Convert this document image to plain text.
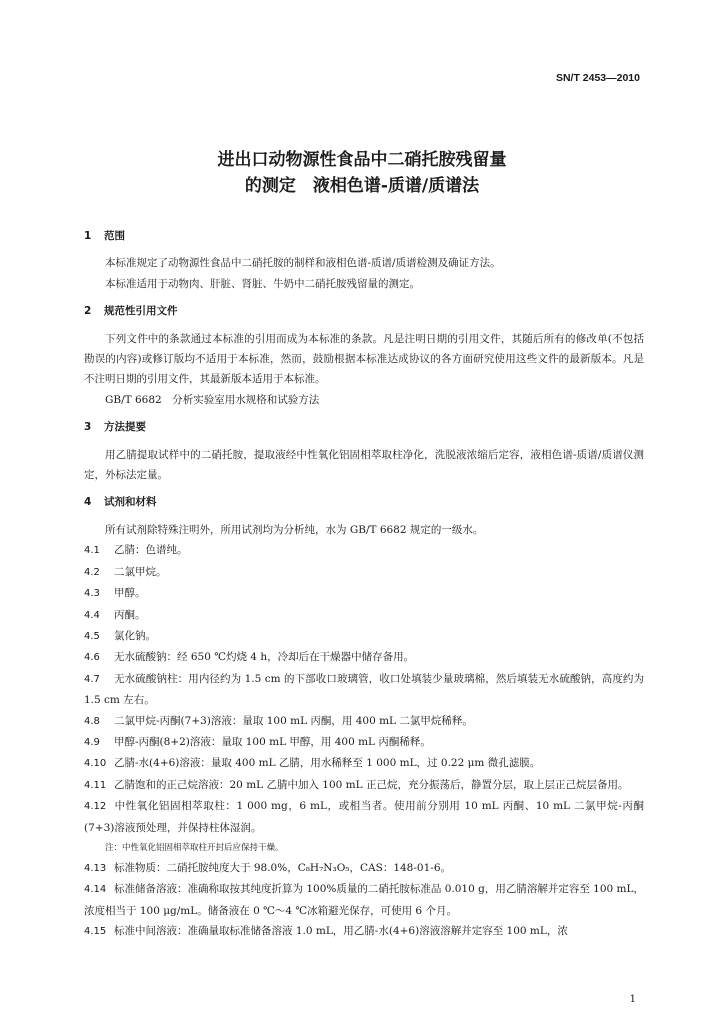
SN/T 2453—2010
进出口动物源性食品中二硝托胺残留量
的测定　液相色谱-质谱/质谱法

1 范围

本标准规定了动物源性食品中二硝托胺的制样和液相色谱-质谱/质谱检测及确证方法。

本标准适用于动物肉、肝脏、肾脏、牛奶中二硝托胺残留量的测定。

2 规范性引用文件

下列文件中的条款通过本标准的引用而成为本标准的条款。凡是注明日期的引用文件，其随后所有的修改单(不包括勘误的内容)或修订版均不适用于本标准，然而，鼓励根据本标准达成协议的各方面研究使用这些文件的最新版本。凡是不注明日期的引用文件，其最新版本适用于本标准。

GB/T 6682　分析实验室用水规格和试验方法

3 方法提要

用乙腈提取试样中的二硝托胺，提取液经中性氧化铝固相萃取柱净化，洗脱液浓缩后定容，液相色谱-质谱/质谱仪测定，外标法定量。

4 试剂和材料

所有试剂除特殊注明外，所用试剂均为分析纯，水为 GB/T 6682 规定的一级水。

4.1 乙腈：色谱纯。

4.2 二氯甲烷。

4.3 甲醇。

4.4 丙酮。

4.5 氯化钠。

4.6 无水硫酸钠：经 650 ℃灼烧 4 h，冷却后在干燥器中储存备用。

4.7 无水硫酸钠柱：用内径约为 1.5 cm 的下部收口玻璃管，收口处填装少量玻璃棉，然后填装无水硫酸钠，高度约为 1.5 cm 左右。

4.8 二氯甲烷-丙酮(7+3)溶液：量取 100 mL 丙酮，用 400 mL 二氯甲烷稀释。

4.9 甲醇-丙酮(8+2)溶液：量取 100 mL 甲醇，用 400 mL 丙酮稀释。

4.10 乙腈-水(4+6)溶液：量取 400 mL 乙腈，用水稀释至 1 000 mL，过 0.22 μm 微孔滤膜。

4.11 乙腈饱和的正己烷溶液：20 mL 乙腈中加入 100 mL 正己烷，充分振荡后，静置分层，取上层正己烷层备用。

4.12 中性氧化铝固相萃取柱：1 000 mg，6 mL，或相当者。使用前分别用 10 mL 丙酮、10 mL 二氯甲烷-丙酮(7+3)溶液预处理，并保持柱体湿润。

注：中性氧化铝固相萃取柱开封后应保持干燥。

4.13 标准物质：二硝托胺纯度大于 98.0%，C₈H₇N₃O₅，CAS：148-01-6。

4.14 标准储备溶液：准确称取按其纯度折算为 100%质量的二硝托胺标准品 0.010 g，用乙腈溶解并定容至 100 mL，浓度相当于 100 μg/mL。储备液在 0 ℃～4 ℃冰箱避光保存，可使用 6 个月。

4.15 标准中间溶液：准确量取标准储备溶液 1.0 mL，用乙腈-水(4+6)溶液溶解并定容至 100 mL，浓

1
